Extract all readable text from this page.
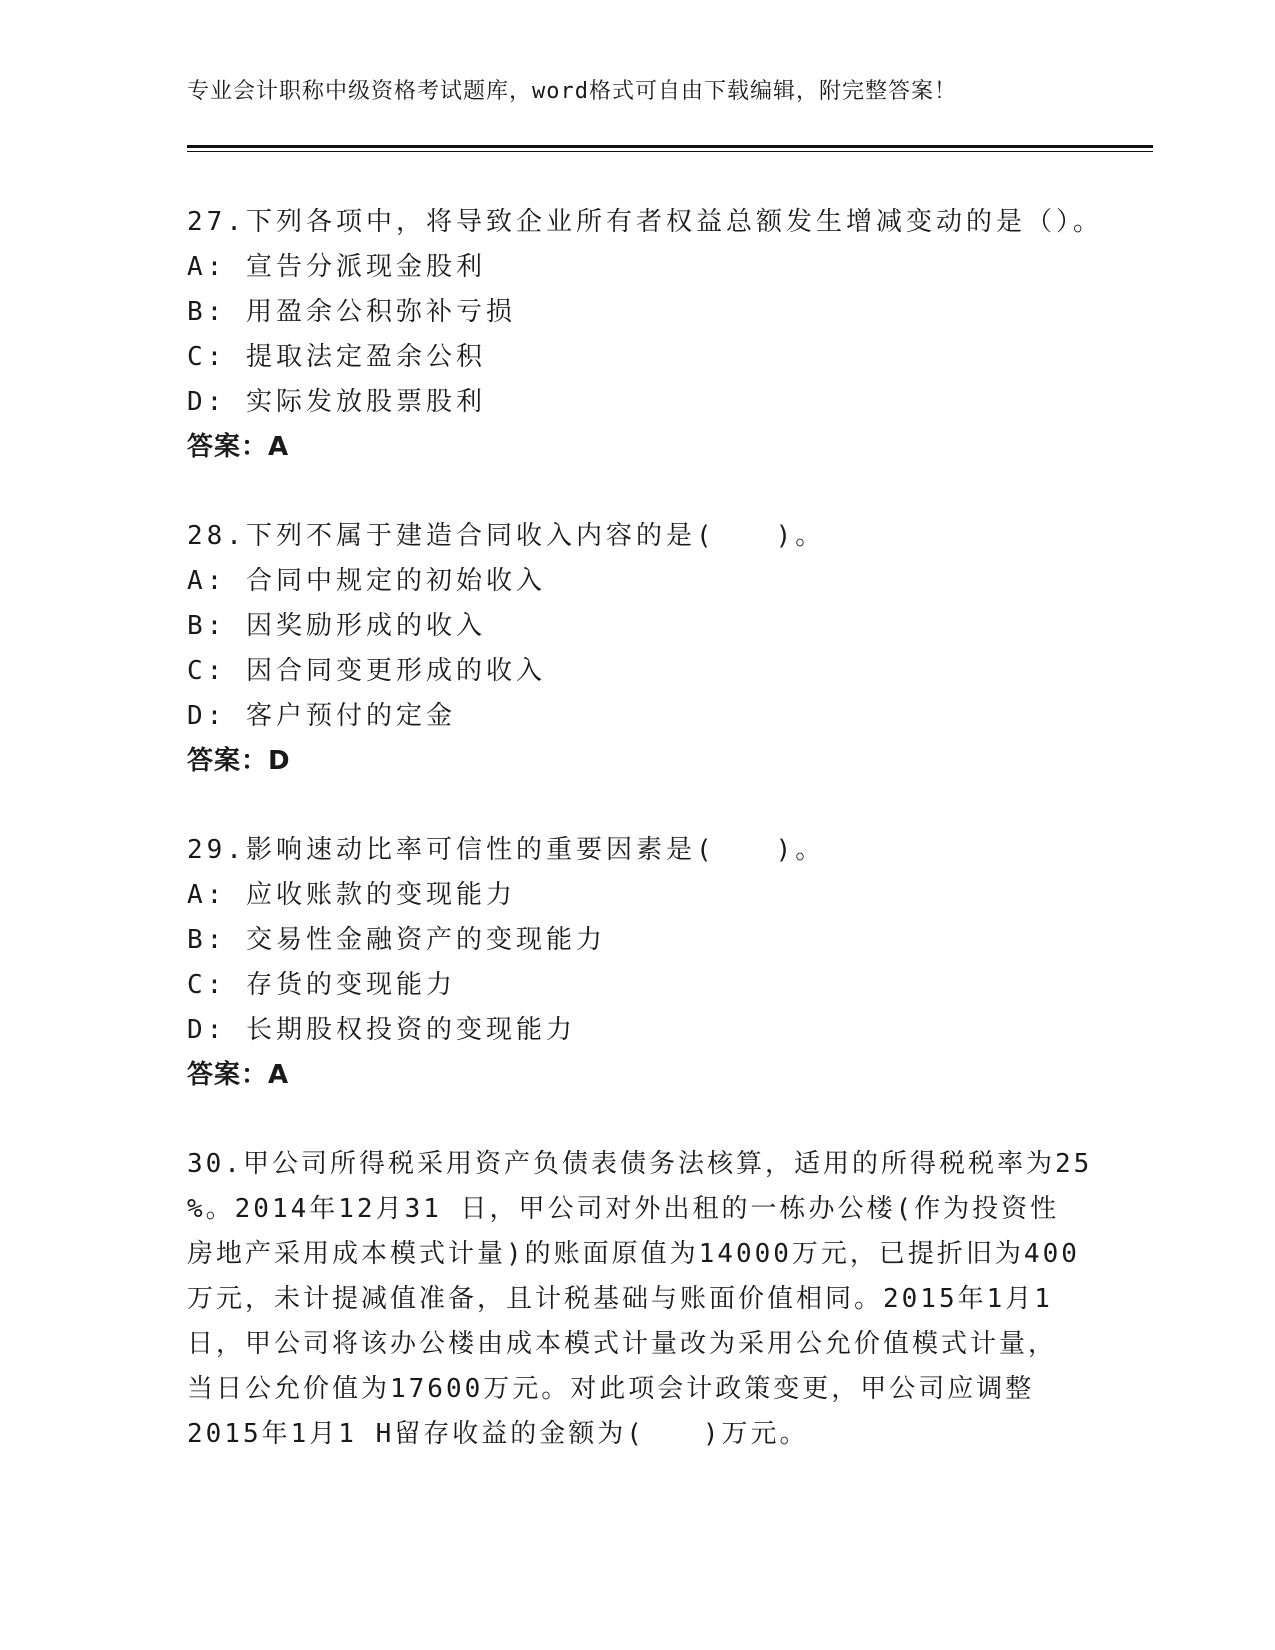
专业会计职称中级资格考试题库，word格式可自由下载编辑，附完整答案！
27.下列各项中，将导致企业所有者权益总额发生增减变动的是（）。
A: 宣告分派现金股利
B: 用盈余公积弥补亏损
C: 提取法定盈余公积
D: 实际发放股票股利
答案：A
28.下列不属于建造合同收入内容的是(　　)。
A: 合同中规定的初始收入
B: 因奖励形成的收入
C: 因合同变更形成的收入
D: 客户预付的定金
答案：D
29.影响速动比率可信性的重要因素是(　　)。
A: 应收账款的变现能力
B: 交易性金融资产的变现能力
C: 存货的变现能力
D: 长期股权投资的变现能力
答案：A
30.甲公司所得税采用资产负债表债务法核算，适用的所得税税率为25
%。2014年12月31 日，甲公司对外出租的一栋办公楼(作为投资性
房地产采用成本模式计量)的账面原值为14000万元，已提折旧为400
万元，未计提减值准备，且计税基础与账面价值相同。2015年1月1
日，甲公司将该办公楼由成本模式计量改为采用公允价值模式计量，
当日公允价值为17600万元。对此项会计政策变更，甲公司应调整
2015年1月1 H留存收益的金额为(　　)万元。
